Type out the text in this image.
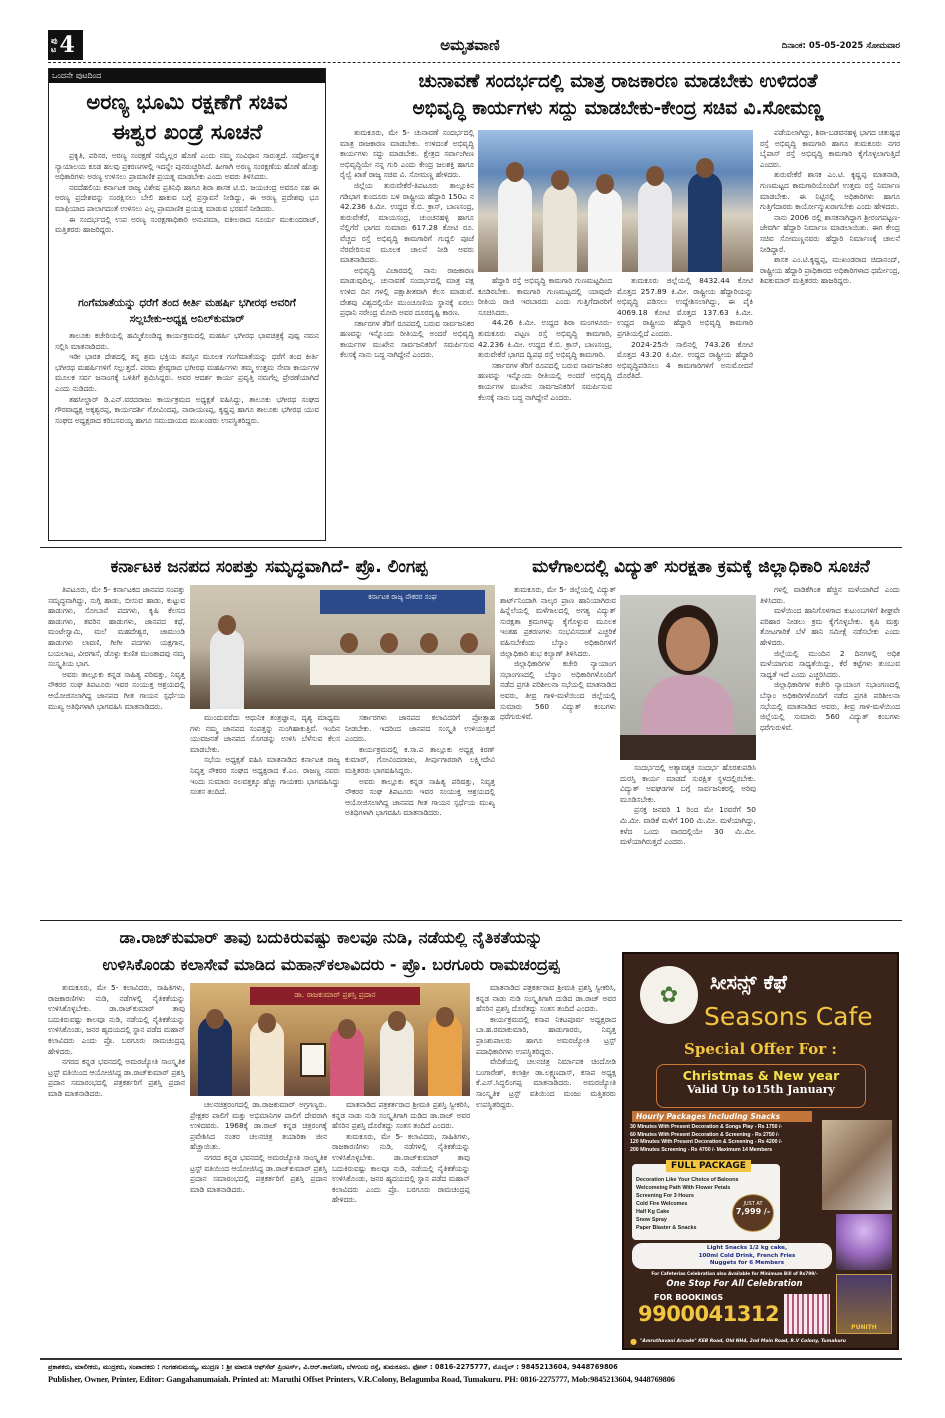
ಪು
ಟ 4	ಅಮೃತವಾಣಿ	ದಿನಾಂಕ: 05-05-2025 ಸೋಮವಾರ
ಒಂದನೇ ಪುಟದಿಂದ
ಅರಣ್ಯ ಭೂಮಿ ರಕ್ಷಣೆಗೆ ಸಚಿವ ಈಶ್ವರ ಖಂಡ್ರೆ ಸೂಚನೆ

ಪ್ರಕೃತಿ, ಪರಿಸರ, ಅರಣ್ಯ ಸಂರಕ್ಷಣೆ ನಮ್ಮೆಲ್ಲರ ಹೊಣೆ ಎಂದು ನಮ್ಮ ಸಂವಿಧಾನ ಸಾರುತ್ತದೆ. ಸರ್ವೋನ್ನತ ನ್ಯಾಯಾಲಯ ಕೂಡ ಹಲವು ಪ್ರಕರಣಗಳಲ್ಲಿ ಇದನ್ನೇ ಪುನರುಚ್ಚರಿಸಿದೆ. ಹೀಗಾಗಿ ಅರಣ್ಯ ಸಂರಕ್ಷಣೆಯ ಹೊಣೆ ಹೊತ್ತು ಅಧಿಕಾರಿಗಳು ಅರಣ್ಯ ಉಳಿಸಲು ಪ್ರಾಮಾಣಿಕ ಪ್ರಯತ್ನ ಮಾಡಬೇಕು ಎಂದು ಅವರು ತಿಳಿಸಿದರು.

ನವದೆಹಲಿಯ ಕರ್ನಾಟಕ ರಾಜ್ಯ ವಿಶೇಷ ಪ್ರತಿನಿಧಿ ಹಾಗೂ ಶಿರಾ ಶಾಸಕ ಟಿ.ಬಿ. ಜಯಚಂದ್ರ ಅವರೂ ಸಹ ಈ ಅರಣ್ಯ ಪ್ರದೇಶವನ್ನು ಸಂರಕ್ಷಿಸಲು ಬೇಲಿ ಹಾಕುವ ಬಗ್ಗೆ ಪ್ರಸ್ತಾವನೆ ನೀಡಿದ್ದು, ಈ ಅರಣ್ಯ ಪ್ರದೇಶವು ಭೂ ಮಾಫಿಯಾದ ಪಾಲಾಗದಂತೆ ಉಳಿಸಲು ಎಲ್ಲ ಪ್ರಾಮಾಣಿಕ ಪ್ರಯತ್ನ ಮಾಡುವ ಭರವಸೆ ನೀಡಿದರು.

ಈ ಸಂದರ್ಭದಲ್ಲಿ ಉಪ ಅರಣ್ಯ ಸಂರಕ್ಷಣಾಧಿಕಾರಿ ಅನುಪಮಾ, ವಕೀಲರಾದ ಸೂರ್ಯ ಮುಕುಂದರಾಜ್, ಮತ್ತಿತರರು ಹಾಜರಿದ್ದರು.

ಗಂಗೆಮಾತೆಯನ್ನು ಧರೆಗೆ ತಂದ ಕೀರ್ತಿ ಮಹರ್ಷಿ ಭಗೀರಥ ಅವರಿಗೆ ಸಲ್ಲಬೇಕು-ಅಧ್ಯಕ್ಷ ಅನಿಲ್‌ಕುಮಾರ್

ತಾಲೂಕು ಕಚೇರಿಯಲ್ಲಿ ಹಮ್ಮಿಕೊಂಡಿದ್ದ ಕಾರ್ಯಕ್ರಮದಲ್ಲಿ ಮಹರ್ಷಿ ಭಗೀರಥ ಭಾವಚಿತ್ರಕ್ಕೆ ಪುಷ್ಪ ನಮನ ಸಲ್ಲಿಸಿ ಮಾತನಾಡಿದರು.

ಇಡೀ ಭಾರತ ದೇಶದಲ್ಲಿ ತನ್ನ ಶ್ರಮ ಭಕ್ತಿಯ ತಪಸ್ಸಿನ ಮೂಲಕ ಗಂಗೆಮಾತೆಯನ್ನು ಧರೆಗೆ ತಂದ ಕೀರ್ತಿ ಭಗೀರಥ ಮಹರ್ಷಿಗಳಿಗೆ ಸಲ್ಲುತ್ತದೆ. ಪರಮ ಶ್ರೇಷ್ಠರಾದ ಭಗೀರಥ ಮಹರ್ಷಿಗಳು ತಮ್ಮ ಉತ್ತಮ ಸೇವಾ ಕಾರ್ಯಗಳ ಮೂಲಕ ಸರ್ವ ಜನಾಂಗಕ್ಕೆ ಒಳಿತಿಗೆ ಶ್ರಮಿಸಿದ್ದರು. ಅವರ ಆದರ್ಶ ಕಾರ್ಯ ಪ್ರವೃತ್ತಿ ನಮಗೆಲ್ಲ ಪ್ರೇರಣೆಯಾಗಿದೆ ಎಂದು ನುಡಿದರು.

ತಹಸೀಲ್ದಾರ್ ಡಿ.ಎನ್.ವರದರಾಜು ಕಾರ್ಯಕ್ರಮದ ಅಧ್ಯಕ್ಷತೆ ವಹಿಸಿದ್ದು, ತಾಲೂಕು ಭಗೀರಥ ಸಂಘದ ಗೌರವಾಧ್ಯಕ್ಷ ಅಕ್ಕಶ್ವರಪ್ಪ, ಕಾರ್ಯದರ್ಶಿ ಗೋವಿಂದಪ್ಪ, ನಾರಾಯಣಪ್ಪ, ಕೃಷ್ಣಪ್ಪ ಹಾಗೂ ತಾಲೂಕು ಭಗೀರಥ ಯುವ ಸಂಘದ ಅಧ್ಯಕ್ಷರಾದ ಕರಿಬಸವಯ್ಯ ಹಾಗೂ ಸಮುದಾಯದ ಮುಖಂಡರು ಉಪಸ್ಥಿತರಿದ್ದರು.

ಚುನಾವಣೆ ಸಂದರ್ಭದಲ್ಲಿ ಮಾತ್ರ ರಾಜಕಾರಣ ಮಾಡಬೇಕು ಉಳಿದಂತೆ
ಅಭಿವೃದ್ಧಿ ಕಾರ್ಯಗಳು ಸದ್ದು ಮಾಡಬೇಕು-ಕೇಂದ್ರ ಸಚಿವ ವಿ.ಸೋಮಣ್ಣ

ತುಮಕೂರು, ಮೇ 5- ಚುನಾವಣೆ ಸಂದರ್ಭದಲ್ಲಿ ಮಾತ್ರ ರಾಜಕಾರಣ ಮಾಡಬೇಕು. ಉಳಿದಂತೆ ಅಭಿವೃದ್ಧಿ ಕಾರ್ಯಗಳು ಸದ್ದು ಮಾಡಬೇಕು. ಕ್ಷೇತ್ರದ ಸರ್ವಾಂಗೀಣ ಅಭಿವೃದ್ಧಿಯೇ ನನ್ನ ಗುರಿ ಎಂದು ಕೇಂದ್ರ ಜಲಶಕ್ತಿ ಹಾಗೂ ರೈಲ್ವೆ ಖಾತೆ ರಾಜ್ಯ ಸಚಿವ ವಿ. ಸೋಮಣ್ಣ ಹೇಳಿದರು.

ಜಿಲ್ಲೆಯ ತುರುವೇಕೆರೆ-ತಿಪಟೂರು ತಾಲ್ಲೂಕಿನ ಗಡಿಭಾಗ ಕುಂದೂರು ಬಳಿ ರಾಷ್ಟ್ರೀಯ ಹೆದ್ದಾರಿ 150ಎ ನ 42.236 ಕಿ.ಮೀ. ಉದ್ದದ ಕೆ.ಬಿ. ಕ್ರಾಸ್, ಬಾಣಸಂದ್ರ, ತುರುವೇಕೆರೆ, ಮಾಯಸಂದ್ರ, ಚುಂಚನಹಳ್ಳಿ ಹಾಗೂ ನೆಲ್ಲಿಗೆರೆ ಭಾಗದ ಸುಮಾರು 617.28 ಕೋಟಿ ರೂ. ವೆಚ್ಚದ ರಸ್ತೆ ಅಭಿವೃದ್ಧಿ ಕಾಮಗಾರಿಗೆ ಗುದ್ದಲಿ ಪೂಜೆ ನೆರವೇರಿಸುವ ಮೂಲಕ ಚಾಲನೆ ನೀಡಿ ಅವರು ಮಾತನಾಡಿದರು.

ಅಭಿವೃದ್ಧಿ ವಿಚಾರದಲ್ಲಿ ನಾನು ರಾಜಕಾರಣ ಮಾಡುವುದಿಲ್ಲ. ಚುನಾವಣೆ ಸಂದರ್ಭದಲ್ಲಿ ಮಾತ್ರ ಪಕ್ಷ ಉಳಿದ ದಿನ ಗಳಲ್ಲಿ ಪಕ್ಷಾತೀತವಾಗಿ ಕೆಲಸ ಮಾಡುವೆ. ದೇಶವು ವಿಶ್ವದಲ್ಲಿಯೇ ಮುಂಚೂಣಿಯ ಸ್ಥಾನಕ್ಕೆ ಏರಲು ಪ್ರಧಾನಿ ನರೇಂದ್ರ ಮೋದಿ ಅವರ ದೂರದೃಷ್ಟಿ ಕಾರಣ.

ಸರ್ಕಾರಗಳ ತೆರಿಗೆ ರೂಪದಲ್ಲಿ ಬರುವ ಸಾರ್ವಜನಿಕರ ಹಣವನ್ನು ಇನ್ನೊಂದು ರೀತಿಯಲ್ಲಿ ಅಂದರೆ ಅಭಿವೃದ್ಧಿ ಕಾರ್ಯಗಳ ಮುಖೇನ ಸಾರ್ವಜನಿಕರಿಗೆ ಸಮರ್ಪಿಸುವ ಕೆಲಸಕ್ಕೆ ನಾನು ಬದ್ಧ ನಾಗಿದ್ದೇನೆ ಎಂದರು.

ಹೆದ್ದಾರಿ ರಸ್ತೆ ಅಭಿವೃದ್ಧಿ ಕಾಮಗಾರಿ ಗುಣಮಟ್ಟದಿಂದ ಕೂಡಿರಬೇಕು. ಕಾಮಗಾರಿ ಗುಣಮಟ್ಟದಲ್ಲಿ ಯಾವುದೇ ರೀತಿಯ ರಾಜಿ ಇರಬಾರದು ಎಂದು ಗುತ್ತಿಗೆದಾರರಿಗೆ ಸೂಚಿಸಿದರು.

44.26 ಕಿ.ಮೀ. ಉದ್ದದ ಶಿರಾ ಮಂಗಳೂರು-ತುಮಕೂರು ಪಟ್ಟಣ ರಸ್ತೆ ಅಭಿವೃದ್ಧಿ ಕಾಮಗಾರಿ, 42.236 ಕಿ.ಮೀ. ಉದ್ದದ ಕೆ.ಬಿ. ಕ್ರಾಸ್, ಬಾಣಸಂದ್ರ, ತುರುವೇಕೆರೆ ಭಾಗದ ದ್ವಿಪಥ ರಸ್ತೆ ಅಭಿವೃದ್ಧಿ ಕಾಮಗಾರಿ.

ಸರ್ಕಾರಗಳ ತೆರಿಗೆ ರೂಪದಲ್ಲಿ ಬರುವ ಸಾರ್ವಜನಿಕರ ಹಣವನ್ನು ಇನ್ನೊಂದು ರೀತಿಯಲ್ಲಿ ಅಂದರೆ ಅಭಿವೃದ್ಧಿ ಕಾರ್ಯಗಳ ಮುಖೇನ ಸಾರ್ವಜನಿಕರಿಗೆ ಸಮರ್ಪಿಸುವ ಕೆಲಸಕ್ಕೆ ನಾನು ಬದ್ಧ ನಾಗಿದ್ದೇನೆ ಎಂದರು.

ತುಮಕೂರು ಜಿಲ್ಲೆಯಲ್ಲಿ 8432.44 ಕೋಟಿ ಮೊತ್ತದ 257.89 ಕಿ.ಮೀ. ರಾಷ್ಟ್ರೀಯ ಹೆದ್ದಾರಿಯನ್ನು ಅಭಿವೃದ್ಧಿ ಪಡಿಸಲು ಉದ್ದೇಶಿಸಲಾಗಿದ್ದು, ಈ ಪೈಕಿ 4069.18 ಕೋಟಿ ಮೊತ್ತದ 137.63 ಕಿ.ಮೀ. ಉದ್ದದ ರಾಷ್ಟ್ರೀಯ ಹೆದ್ದಾರಿ ಅಭಿವೃದ್ಧಿ ಕಾಮಗಾರಿ ಪ್ರಗತಿಯಲ್ಲಿದೆ ಎಂದರು.

2024-25ನೇ ಸಾಲಿನಲ್ಲಿ 743.26 ಕೋಟಿ ಮೊತ್ತದ 43.20 ಕಿ.ಮೀ. ಉದ್ದದ ರಾಷ್ಟ್ರೀಯ ಹೆದ್ದಾರಿ ಅಭಿವೃದ್ಧಿಪಡಿಸಲು 4 ಕಾಮಗಾರಿಗಳಿಗೆ ಅನುಮೋದನೆ ದೊರೆತಿದೆ.

ಪಡೆಯಲಾಗಿದ್ದು, ಶಿರಾ-ಬಡವನಹಳ್ಳಿ ಭಾಗದ ಚತುಷ್ಪಥ ರಸ್ತೆ ಅಭಿವೃದ್ಧಿ ಕಾಮಗಾರಿ ಹಾಗೂ ತುಮಕೂರು ನಗರ ಬೈಪಾಸ್ ರಸ್ತೆ ಅಭಿವೃದ್ಧಿ ಕಾಮಗಾರಿ ಕೈಗೊಳ್ಳಲಾಗುತ್ತಿದೆ ಎಂದರು.

ತುರುವೇಕೆರೆ ಶಾಸಕ ಎಂ.ಟಿ. ಕೃಷ್ಣಪ್ಪ ಮಾತನಾಡಿ, ಗುಣಮಟ್ಟದ ಕಾಮಗಾರಿಯೊಂದಿಗೆ ಉತ್ತಮ ರಸ್ತೆ ನಿರ್ಮಾಣ ಮಾಡಬೇಕು. ಈ ನಿಟ್ಟಿನಲ್ಲಿ ಅಧಿಕಾರಿಗಳು ಹಾಗೂ ಗುತ್ತಿಗೆದಾರರು ಕಾರ್ಯೋನ್ಮುಖರಾಗಬೇಕು ಎಂದು ಹೇಳಿದರು.

ನಾನು 2006 ರಲ್ಲಿ ಶಾಸಕನಾಗಿದ್ದಾಗ ಶ್ರೀರಂಗಪಟ್ಟಣ-ಜೇವರ್ಗಿ ಹೆದ್ದಾರಿ ನಿರ್ಮಾಣ ಮಾಡಲಾಯಿತು. ಈಗ ಕೇಂದ್ರ ಸಚಿವ ಸೋಮಣ್ಣನವರು ಹೆದ್ದಾರಿ ನಿರ್ಮಾಣಕ್ಕೆ ಚಾಲನೆ ನೀಡಿದ್ದಾರೆ.

ಶಾಸಕ ಎಂ.ಟಿ.ಕೃಷ್ಣಪ್ಪ, ಮುಖಂಡರಾದ ಚಿದಾನಂದ್, ರಾಷ್ಟ್ರೀಯ ಹೆದ್ದಾರಿ ಪ್ರಾಧಿಕಾರದ ಅಧಿಕಾರಿಗಳಾದ ಧರ್ಮೇಂದ್ರ, ಶಿವಕುಮಾರ್ ಮತ್ತಿತರರು ಹಾಜರಿದ್ದರು.

ಕರ್ನಾಟಕ ಜನಪದ ಸಂಪತ್ತು ಸಮೃದ್ಧವಾಗಿದೆ- ಪ್ರೊ. ಲಿಂಗಪ್ಪ

ತಿಪಟೂರು, ಮೇ 5- ಕರ್ನಾಟಕದ ಜಾನಪದ ಸಂಪತ್ತು ಸಮೃದ್ಧವಾಗಿದ್ದು, ಸುಗ್ಗಿ ಹಾಡು, ಬೀಸುವ ಹಾಡು, ಕುಟ್ಟುವ ಹಾಡುಗಳು, ಸೋಬಾನೆ ಪದಗಳು, ಕೃಷಿ ಕೆಲಸದ ಹಾಡುಗಳು, ತವರಿನ ಹಾಡುಗಳು, ಜಾನಪದ ಕಥೆ, ಮಂಟೇಸ್ವಾಮಿ, ಮಲೆ ಮಹದೇಶ್ವರ, ಜಾಮುಂಡಿ ಹಾಡುಗಳು ಲಾವಣಿ, ಗೀಗೀ ಪದಗಳು ಯಕ್ಷಗಾನ, ಬಯಲಾಟ, ವೀರಗಾಸೆ, ಡೊಳ್ಳು ಕುಣಿತ ಮುಂತಾದವು ನಮ್ಮ ಸಂಸ್ಕೃತಿಯ ಭಾಗ.

ಅವರು ತಾಲ್ಲೂಕು ಕನ್ನಡ ಸಾಹಿತ್ಯ ಪರಿಷತ್ತು, ನಿವೃತ್ತ ನೌಕರರ ಸಂಘ ತಿಪಟೂರು ಇವರ ಸಂಯುಕ್ತ ಆಶ್ರಯದಲ್ಲಿ ಆಯೋಜಿಸಲಾಗಿದ್ದ ಜಾನಪದ ಗೀತ ಗಾಯನ ಸ್ಪರ್ಧೆಯ ಮುಖ್ಯ ಅತಿಥಿಗಳಾಗಿ ಭಾಗವಹಿಸಿ ಮಾತನಾಡಿದರು.

ಕರ್ನಾಟಕ ರಾಜ್ಯ ನೌಕರರ ಸಂಘ

ಮುಂದುವರೆದು ಆಧುನಿಕ ತಂತ್ರಜ್ಞಾನ, ದೃಶ್ಯ ಮಾಧ್ಯಮ ಗಳು ನಮ್ಮ ಜಾನಪದ ಸಂಪತ್ತನ್ನು ನುಂಗಿಹಾಕುತ್ತಿವೆ. ಇಂದಿನ ಯುವಜನತೆ ಜಾನಪದ ಸೊಗಡನ್ನು ಉಳಿಸಿ ಬೆಳೆಸುವ ಕೆಲಸ ಮಾಡಬೇಕು.

ಸಭೆಯ ಅಧ್ಯಕ್ಷತೆ ವಹಿಸಿ ಮಾತನಾಡಿದ ಕರ್ನಾಟಕ ರಾಜ್ಯ ನಿವೃತ್ತ ನೌಕರರ ಸಂಘದ ಅಧ್ಯಕ್ಷರಾದ ಕೆ.ಎಂ. ರಾಜಣ್ಣ ನವರು ಇಂದು ಸುಮಾರು ನಲವತ್ತಕ್ಕೂ ಹೆಚ್ಚು ಗಾಯಕರು ಭಾಗವಹಿಸಿದ್ದು ಸಂತಸ ತಂದಿದೆ.

ಸರ್ಕಾರಗಳು ಜಾನಪದ ಕಲಾವಿದರಿಗೆ ಪ್ರೋತ್ಸಾಹ ನೀಡಬೇಕು. ಇದರಿಂದ ಜಾನಪದ ಸಂಸ್ಕೃತಿ ಉಳಿಯುತ್ತದೆ ಎಂದರು.

ಕಾರ್ಯಕ್ರಮದಲ್ಲಿ ಕ.ಸಾ.ಪ ತಾಲ್ಲೂಕು ಅಧ್ಯಕ್ಷ ಕಿರಣ್ ಕುಮಾರ್, ಗೋವಿಂದರಾಜು, ತೀರ್ಪುಗಾರರಾಗಿ ಲಕ್ಷ್ಮೀದೇವಿ ಮತ್ತಿತರರು ಭಾಗವಹಿಸಿದ್ದರು.

ಅವರು ತಾಲ್ಲೂಕು ಕನ್ನಡ ಸಾಹಿತ್ಯ ಪರಿಷತ್ತು, ನಿವೃತ್ತ ನೌಕರರ ಸಂಘ ತಿಪಟೂರು ಇವರ ಸಂಯುಕ್ತ ಆಶ್ರಯದಲ್ಲಿ ಆಯೋಜಿಸಲಾಗಿದ್ದ ಜಾನಪದ ಗೀತ ಗಾಯನ ಸ್ಪರ್ಧೆಯ ಮುಖ್ಯ ಅತಿಥಿಗಳಾಗಿ ಭಾಗವಹಿಸಿ ಮಾತನಾಡಿದರು.

ಮಳೆಗಾಲದಲ್ಲಿ ವಿದ್ಯುತ್ ಸುರಕ್ಷತಾ ಕ್ರಮಕ್ಕೆ ಜಿಲ್ಲಾಧಿಕಾರಿ ಸೂಚನೆ

ತುಮಕೂರು, ಮೇ 5- ಜಿಲ್ಲೆಯಲ್ಲಿ ವಿದ್ಯುತ್ ಶಾರ್ಟ್‌ನಿಂದಾಗಿ ನಾಲ್ಕರ ಪ್ರಾಣ ಹಾನಿಯಾಗಿರುವ ಹಿನ್ನೆಲೆಯಲ್ಲಿ ಮಳೆಗಾಲದಲ್ಲಿ ಅಗತ್ಯ ವಿದ್ಯುತ್ ಸುರಕ್ಷತಾ ಕ್ರಮಗಳನ್ನು ಕೈಗೊಳ್ಳುವ ಮೂಲಕ ಇಂತಹ ಪ್ರಕರಣಗಳು ಸಂಭವಿಸದಂತೆ ಎಚ್ಚರಿಕೆ ವಹಿಸಬೇಕೆಂದು ಬೆಸ್ಕಾಂ ಅಧಿಕಾರಿಗಳಿಗೆ ಜಿಲ್ಲಾಧಿಕಾರಿ ಶುಭ ಕಲ್ಯಾಣ್ ತಿಳಿಸಿದರು.

ಜಿಲ್ಲಾಧಿಕಾರಿಗಳ ಕಚೇರಿ ನ್ಯಾಯಾಂಗ ಸಭಾಂಗಣದಲ್ಲಿ ಬೆಸ್ಕಾಂ ಅಧಿಕಾರಿಗಳೊಂದಿಗೆ ನಡೆದ ಪ್ರಗತಿ ಪರಿಶೀಲನಾ ಸಭೆಯಲ್ಲಿ ಮಾತನಾಡಿದ ಅವರು, ತೀವ್ರ ಗಾಳಿ-ಮಳೆಯಿಂದ ಜಿಲ್ಲೆಯಲ್ಲಿ ಸುಮಾರು 560 ವಿದ್ಯುತ್ ಕಂಬಗಳು ಧರೆಗುರುಳಿವೆ.

ಸಂದರ್ಭದಲ್ಲಿ ಅತ್ಯಾವಶ್ಯಕ ಸಂದರ್ಭ ಹೊರತುಪಡಿಸಿ ದುರಸ್ತಿ ಕಾರ್ಯ ಮಾಡದೆ ಸುರಕ್ಷಿತ ಸ್ಥಳದಲ್ಲಿರಬೇಕು. ವಿದ್ಯುತ್ ಅವಘಡಗಳ ಬಗ್ಗೆ ಸಾರ್ವಜನಿಕರಲ್ಲಿ ಅರಿವು ಮೂಡಿಸಬೇಕು.

ಪ್ರಸಕ್ತ ಜನವರಿ 1 ರಿಂದ ಮೇ 1ರವರೆಗೆ 50 ಮಿ.ಮೀ. ವಾಡಿಕೆ ಮಳೆಗೆ 100 ಮಿ.ಮೀ. ಮಳೆಯಾಗಿದ್ದು, ಕಳೆದ ಒಂದು ವಾರದಲ್ಲಿಯೇ 30 ಮಿ.ಮೀ. ಮಳೆಯಾಗಿರುತ್ತದೆ ಎಂದರು.

ಗಳಲ್ಲಿ ವಾಡಿಕೆಗಿಂತ ಹೆಚ್ಚಿನ ಮಳೆಯಾಗಿದೆ ಎಂದು ತಿಳಿಸಿದರು.

ಮಳೆಯಿಂದ ಹಾನಿಗೊಳಗಾದ ಕುಟುಂಬಗಳಿಗೆ ಶೀಘ್ರವೇ ಪರಿಹಾರ ನೀಡಲು ಕ್ರಮ ಕೈಗೊಳ್ಳಬೇಕು. ಕೃಷಿ ಮತ್ತು ತೋಟಗಾರಿಕೆ ಬೆಳೆ ಹಾನಿ ಸಮೀಕ್ಷೆ ನಡೆಸಬೇಕು ಎಂದು ಹೇಳಿದರು.

ಜಿಲ್ಲೆಯಲ್ಲಿ ಮುಂದಿನ 2 ದಿನಗಳಲ್ಲಿ ಅಧಿಕ ಮಳೆಯಾಗುವ ಸಾಧ್ಯತೆಯಿದ್ದು, ಕೆರೆ ಕಟ್ಟೆಗಳು ತುಂಬುವ ಸಾಧ್ಯತೆ ಇದೆ ಎಂದು ಎಚ್ಚರಿಸಿದರು.

ಜಿಲ್ಲಾಧಿಕಾರಿಗಳ ಕಚೇರಿ ನ್ಯಾಯಾಂಗ ಸಭಾಂಗಣದಲ್ಲಿ ಬೆಸ್ಕಾಂ ಅಧಿಕಾರಿಗಳೊಂದಿಗೆ ನಡೆದ ಪ್ರಗತಿ ಪರಿಶೀಲನಾ ಸಭೆಯಲ್ಲಿ ಮಾತನಾಡಿದ ಅವರು, ತೀವ್ರ ಗಾಳಿ-ಮಳೆಯಿಂದ ಜಿಲ್ಲೆಯಲ್ಲಿ ಸುಮಾರು 560 ವಿದ್ಯುತ್ ಕಂಬಗಳು ಧರೆಗುರುಳಿವೆ.

ಡಾ.ರಾಜ್‌ಕುಮಾರ್ ತಾವು ಬದುಕಿರುವಷ್ಟು ಕಾಲವೂ ನುಡಿ, ನಡೆಯಲ್ಲಿ ನೈತಿಕತೆಯನ್ನು
ಉಳಿಸಿಕೊಂಡು ಕಲಾಸೇವೆ ಮಾಡಿದ ಮಹಾನ್‌ಕಲಾವಿದರು - ಪ್ರೊ. ಬರಗೂರು ರಾಮಚಂದ್ರಪ್ಪ

ತುಮಕೂರು, ಮೇ 5- ಕಲಾವಿದರು, ಸಾಹಿತಿಗಳು, ರಾಜಕಾರಣಿಗಳು ನುಡಿ, ನಡೆಗಳಲ್ಲಿ ನೈತಿಕತೆಯನ್ನು ಉಳಿಸಿಕೊಳ್ಳಬೇಕು. ಡಾ.ರಾಜ್‌ಕುಮಾರ್ ತಾವು ಬದುಕಿರುವಷ್ಟು ಕಾಲವೂ ನುಡಿ, ನಡೆಯಲ್ಲಿ ನೈತಿಕತೆಯನ್ನು ಉಳಿಸಿಕೊಂಡು, ಜನರ ಹೃದಯದಲ್ಲಿ ಸ್ಥಾನ ಪಡೆದ ಮಹಾನ್ ಕಲಾವಿದರು ಎಂದು ಪ್ರೊ. ಬರಗೂರು ರಾಮಚಂದ್ರಪ್ಪ ಹೇಳಿದರು.

ನಗರದ ಕನ್ನಡ ಭವನದಲ್ಲಿ ಅಮರಜ್ಯೋತಿ ಸಾಂಸ್ಕೃತಿಕ ಟ್ರಸ್ಟ್ ವತಿಯಿಂದ ಆಯೋಜಿಸಿದ್ದ ಡಾ.ರಾಜ್‌ಕುಮಾರ್ ಪ್ರಶಸ್ತಿ ಪ್ರದಾನ ಸಮಾರಂಭದಲ್ಲಿ ಪತ್ರಕರ್ತರಿಗೆ ಪ್ರಶಸ್ತಿ ಪ್ರದಾನ ಮಾಡಿ ಮಾತನಾಡಿದರು.

ಡಾ. ರಾಜಕುಮಾರ್ ಪ್ರಶಸ್ತಿ ಪ್ರದಾನ

ಚಲನಚಿತ್ರರಂಗದಲ್ಲಿ ಡಾ.ರಾಜಕುಮಾರ್ ಅಗ್ರಗಣ್ಯರು. ಪ್ರೇಕ್ಷಕರ ಪಾಲಿಗೆ ಮತ್ತು ಅಭಿಮಾನಿಗಳ ಪಾಲಿಗೆ ದೇವರಾಗಿ ಉಳಿದವರು. 1968ಕ್ಕೆ ಡಾ.ರಾಜ್ ಕನ್ನಡ ಚಿತ್ರರಂಗಕ್ಕೆ ಪ್ರವೇಶಿಸಿದ ನಂತರ ಚಲನಚಿತ್ರ ತಯಾರಿಕಾ ಜೀನ ಹೆಚ್ಚಾಯಿತು.

ನಗರದ ಕನ್ನಡ ಭವನದಲ್ಲಿ ಅಮರಜ್ಯೋತಿ ಸಾಂಸ್ಕೃತಿಕ ಟ್ರಸ್ಟ್ ವತಿಯಿಂದ ಆಯೋಜಿಸಿದ್ದ ಡಾ.ರಾಜ್‌ಕುಮಾರ್ ಪ್ರಶಸ್ತಿ ಪ್ರದಾನ ಸಮಾರಂಭದಲ್ಲಿ ಪತ್ರಕರ್ತರಿಗೆ ಪ್ರಶಸ್ತಿ ಪ್ರದಾನ ಮಾಡಿ ಮಾತನಾಡಿದರು.

ಮಾತನಾಡಿದ ಪತ್ರಕರ್ತರಾದ ಶ್ರೀಮತಿ ಪ್ರಶಸ್ತಿ ಸ್ವೀಕರಿಸಿ, ಕನ್ನಡ ನಾಡು ನುಡಿ ಸಂಸ್ಕೃತಿಗಾಗಿ ದುಡಿದ ಡಾ.ರಾಜ್ ಅವರ ಹೆಸರಿನ ಪ್ರಶಸ್ತಿ ದೊರೆತದ್ದು ಸಂತಸ ತಂದಿದೆ ಎಂದರು.

ತುಮಕೂರು, ಮೇ 5- ಕಲಾವಿದರು, ಸಾಹಿತಿಗಳು, ರಾಜಕಾರಣಿಗಳು ನುಡಿ, ನಡೆಗಳಲ್ಲಿ ನೈತಿಕತೆಯನ್ನು ಉಳಿಸಿಕೊಳ್ಳಬೇಕು. ಡಾ.ರಾಜ್‌ಕುಮಾರ್ ತಾವು ಬದುಕಿರುವಷ್ಟು ಕಾಲವೂ ನುಡಿ, ನಡೆಯಲ್ಲಿ ನೈತಿಕತೆಯನ್ನು ಉಳಿಸಿಕೊಂಡು, ಜನರ ಹೃದಯದಲ್ಲಿ ಸ್ಥಾನ ಪಡೆದ ಮಹಾನ್ ಕಲಾವಿದರು ಎಂದು ಪ್ರೊ. ಬರಗೂರು ರಾಮಚಂದ್ರಪ್ಪ ಹೇಳಿದರು.

ಮಾತನಾಡಿದ ಪತ್ರಕರ್ತರಾದ ಶ್ರೀಮತಿ ಪ್ರಶಸ್ತಿ ಸ್ವೀಕರಿಸಿ, ಕನ್ನಡ ನಾಡು ನುಡಿ ಸಂಸ್ಕೃತಿಗಾಗಿ ದುಡಿದ ಡಾ.ರಾಜ್ ಅವರ ಹೆಸರಿನ ಪ್ರಶಸ್ತಿ ದೊರೆತದ್ದು ಸಂತಸ ತಂದಿದೆ ಎಂದರು.

ಕಾರ್ಯಕ್ರಮದಲ್ಲಿ ಕಸಾಪ ನಿಕಟಪೂರ್ವ ಅಧ್ಯಕ್ಷರಾದ ಬಾ.ಹ.ರಮಾಕುಮಾರಿ, ಹಾಡುಗಾರರು, ನಿವೃತ್ತ ಪ್ರಾಂಶುಪಾಲರು ಹಾಗೂ ಅಮರಜ್ಯೋತಿ ಟ್ರಸ್ಟ್ ಪದಾಧಿಕಾರಿಗಳು ಉಪಸ್ಥಿತರಿದ್ದರು.

ವೇದಿಕೆಯಲ್ಲಿ ಚಲನಚಿತ್ರ ನಿರ್ಮಾಪಕ ಚಿಂದೋಡಿ ಬಂಗಾರೇಶ್, ಕಲಾಶ್ರೀ ಡಾ.ಲಕ್ಷ್ಮಣದಾಸ್, ಕಸಾಪ ಅಧ್ಯಕ್ಷ ಕೆ.ಎಸ್.ಸಿದ್ಧಲಿಂಗಪ್ಪ ಮಾತನಾಡಿದರು. ಅಮರಜ್ಯೋತಿ ಸಾಂಸ್ಕೃತಿಕ ಟ್ರಸ್ಟ್ ವತಿಯಿಂದ ಮಂಜು ಮತ್ತಿತರರು ಉಪಸ್ಥಿತರಿದ್ದರು.

✿
ಸೀಸನ್ಸ್ ಕೆಫೆ
Seasons Cafe
Special Offer For :
Christmas & New year
Valid Up to15th January
Hourly Packages Including Snacks
30 Minutes With Present Decoration & Songs Play - Rs 1750 /-
60 Minutes With Present Decoration & Screening - Rs 2750 /-
120 Minutes With Present Decoration & Screening - Rs 4200 /-
200 Minutes Screening - Rs 4700 /- Maximum 14 Members
FULL PACKAGE
Decoration Like Your Choice of Baloons
Welcomeing Path With Flower Petals
Screening For 3 Hours
Cold Fire Welcomes
Half Kg Cake
Snow Spray
Paper Blaster & Snacks
JUST AT
7,999 /-
Light Snacks 1/2 kg cake,
100ml Cold Drink, French Fries
Nuggets for 6 Members
For Cafeterias Celebration also Available for Minimum Bill of Rs799/-
One Stop For All Celebration
FOR BOOKINGS
9900041312
PUNITH
● "Amruthavani Arcade" KEB Road, Old NH4, 2nd Main Road, R.V Colony, Tumakuru
ಪ್ರಕಾಶಕರು, ಮಾಲೀಕರು, ಮುದ್ರಕರು, ಸಂಪಾದಕರು : ಗಂಗಹನುಮಯ್ಯ, ಮುದ್ರಣ : ಶ್ರೀ ಮಾರುತಿ ಆಫ್‌ಸೆಟ್ ಪ್ರಿಂಟರ್ಸ್, ವಿ.ಆರ್.ಕಾಲೋನಿ, ಬೆಳಗುಂಬ ರಸ್ತೆ, ತುಮಕೂರು. ಫೋನ್ : 0816-2275777, ಮೊಬೈಲ್ : 9845213604, 9448769806
Publisher, Owner, Printer, Editor: Gangahanumaiah. Printed at: Maruthi Offset Printers, V.R.Colony, Belagumba Road, Tumakuru. PH: 0816-2275777, Mob:9845213604, 9448769806
